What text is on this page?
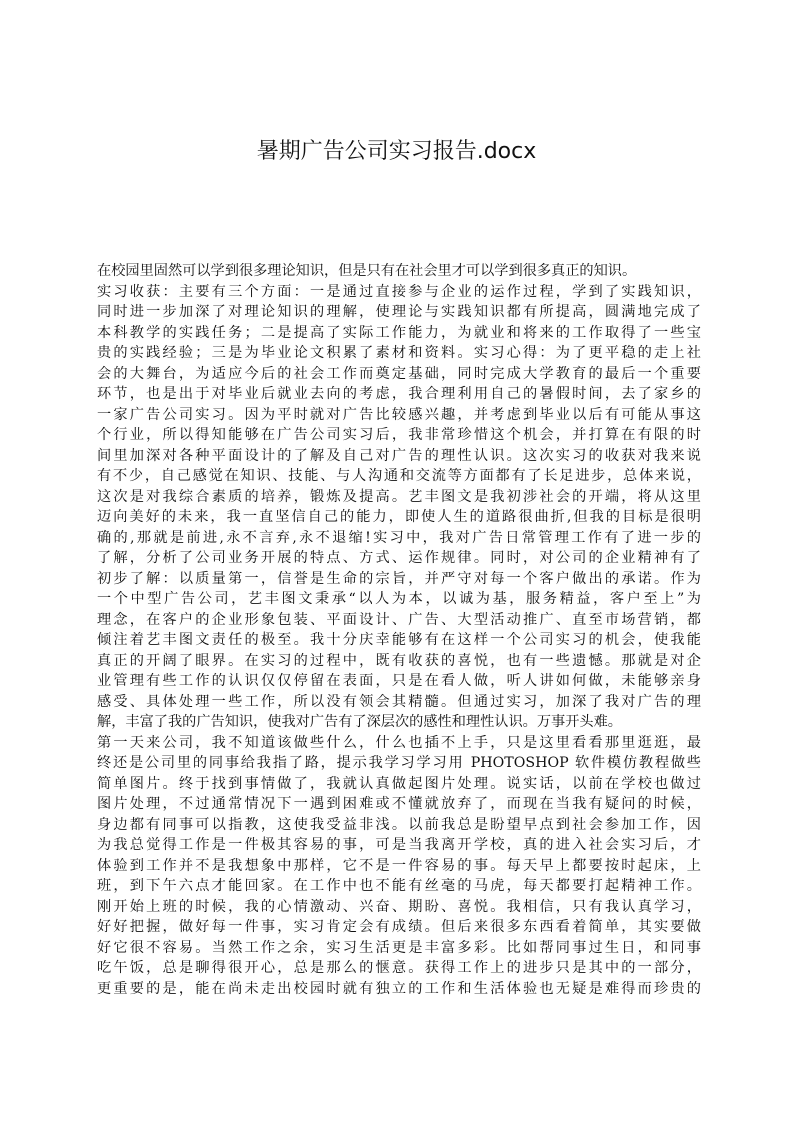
暑期广告公司实习报告.docx
在校园里固然可以学到很多理论知识，但是只有在社会里才可以学到很多真正的知识。
实习收获：主要有三个方面：一是通过直接参与企业的运作过程，学到了实践知识，
同时进一步加深了对理论知识的理解，使理论与实践知识都有所提高，圆满地完成了
本科教学的实践任务；二是提高了实际工作能力，为就业和将来的工作取得了一些宝
贵的实践经验；三是为毕业论文积累了素材和资料。实习心得：为了更平稳的走上社
会的大舞台，为适应今后的社会工作而奠定基础，同时完成大学教育的最后一个重要
环节，也是出于对毕业后就业去向的考虑，我合理利用自己的暑假时间，去了家乡的
一家广告公司实习。因为平时就对广告比较感兴趣，并考虑到毕业以后有可能从事这
个行业，所以得知能够在广告公司实习后，我非常珍惜这个机会，并打算在有限的时
间里加深对各种平面设计的了解及自己对广告的理性认识。这次实习的收获对我来说
有不少，自己感觉在知识、技能、与人沟通和交流等方面都有了长足进步，总体来说，
这次是对我综合素质的培养，锻炼及提高。艺丰图文是我初涉社会的开端，将从这里
迈向美好的未来，我一直坚信自己的能力，即使人生的道路很曲折,但我的目标是很明
确的,那就是前进,永不言弃,永不退缩!实习中，我对广告日常管理工作有了进一步的
了解，分析了公司业务开展的特点、方式、运作规律。同时，对公司的企业精神有了
初步了解：以质量第一，信誉是生命的宗旨，并严守对每一个客户做出的承诺。作为
一个中型广告公司，艺丰图文秉承“以人为本，以诚为基，服务精益，客户至上”为
理念，在客户的企业形象包装、平面设计、广告、大型活动推广、直至市场营销，都
倾注着艺丰图文责任的极至。我十分庆幸能够有在这样一个公司实习的机会，使我能
真正的开阔了眼界。在实习的过程中，既有收获的喜悦，也有一些遗憾。那就是对企
业管理有些工作的认识仅仅停留在表面，只是在看人做，听人讲如何做，未能够亲身
感受、具体处理一些工作，所以没有领会其精髓。但通过实习，加深了我对广告的理
解，丰富了我的广告知识，使我对广告有了深层次的感性和理性认识。万事开头难。
第一天来公司，我不知道该做些什么，什么也插不上手，只是这里看看那里逛逛，最
终还是公司里的同事给我指了路，提示我学习学习用 PHOTOSHOP 软件模仿教程做些
简单图片。终于找到事情做了，我就认真做起图片处理。说实话，以前在学校也做过
图片处理，不过通常情况下一遇到困难或不懂就放弃了，而现在当我有疑问的时候，
身边都有同事可以指教，这使我受益非浅。以前我总是盼望早点到社会参加工作，因
为我总觉得工作是一件极其容易的事，可是当我离开学校，真的进入社会实习后，才
体验到工作并不是我想象中那样，它不是一件容易的事。每天早上都要按时起床，上
班，到下午六点才能回家。在工作中也不能有丝毫的马虎，每天都要打起精神工作。
刚开始上班的时候，我的心情激动、兴奋、期盼、喜悦。我相信，只有我认真学习，
好好把握，做好每一件事，实习肯定会有成绩。但后来很多东西看着简单，其实要做
好它很不容易。当然工作之余，实习生活更是丰富多彩。比如帮同事过生日，和同事
吃午饭，总是聊得很开心，总是那么的惬意。获得工作上的进步只是其中的一部分，
更重要的是，能在尚未走出校园时就有独立的工作和生活体验也无疑是难得而珍贵的
